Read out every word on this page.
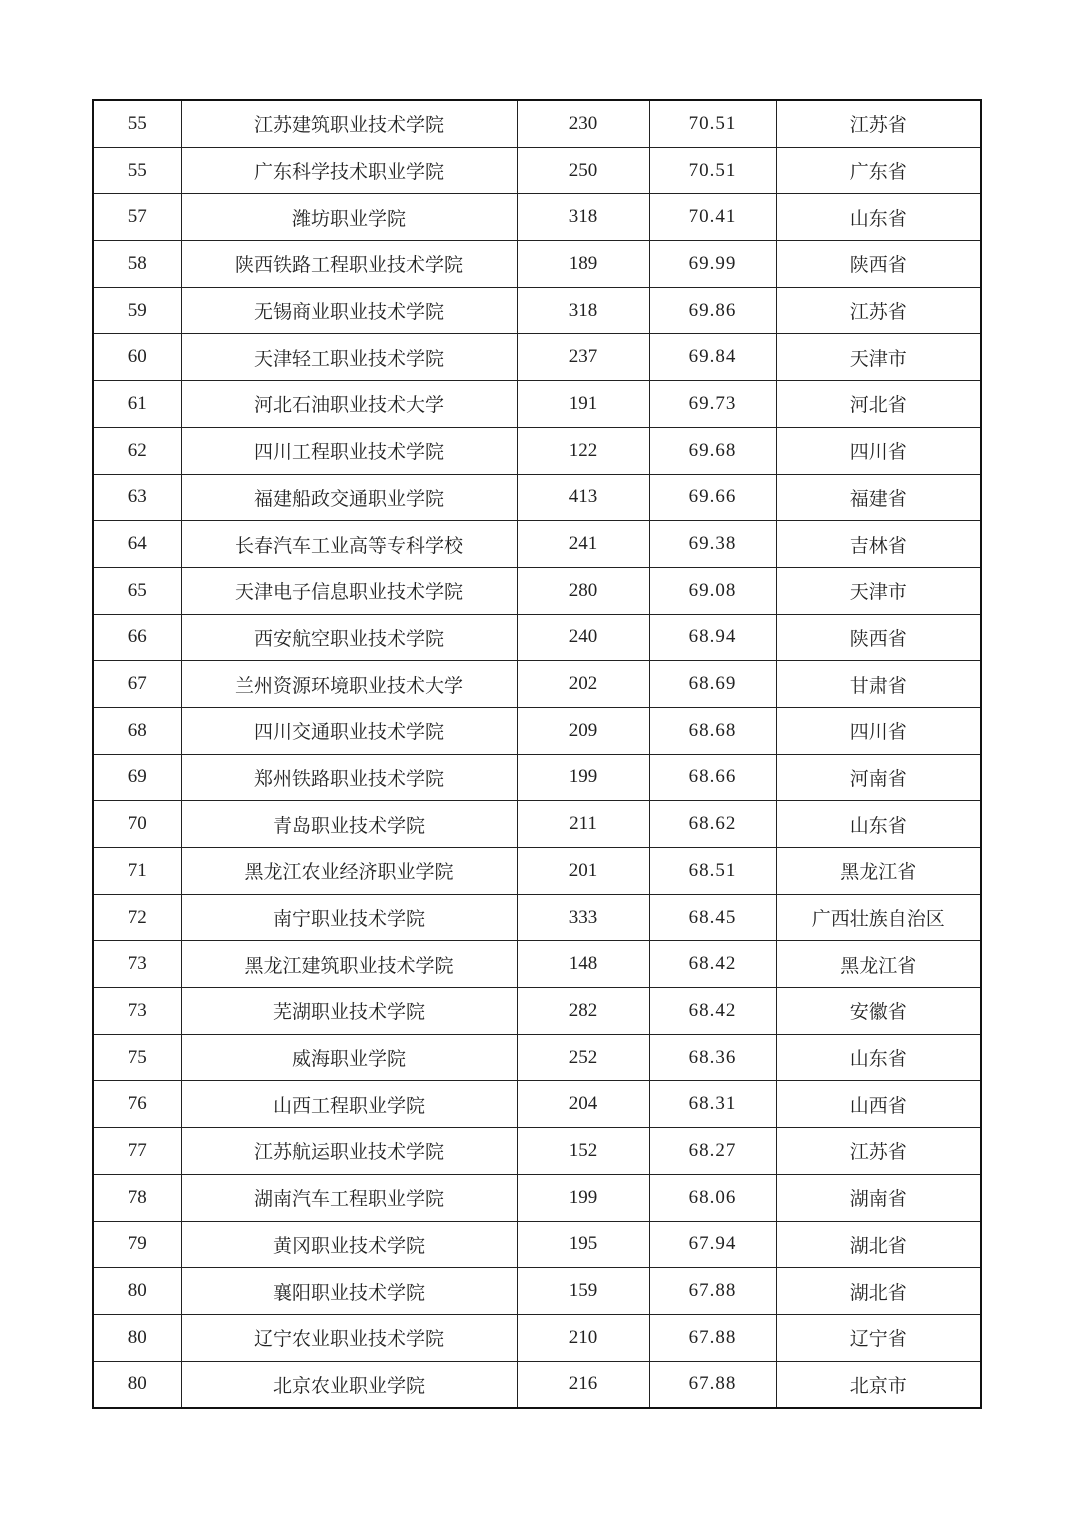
55	江苏建筑职业技术学院	230	70.51	江苏省
55	广东科学技术职业学院	250	70.51	广东省
57	潍坊职业学院	318	70.41	山东省
58	陕西铁路工程职业技术学院	189	69.99	陕西省
59	无锡商业职业技术学院	318	69.86	江苏省
60	天津轻工职业技术学院	237	69.84	天津市
61	河北石油职业技术大学	191	69.73	河北省
62	四川工程职业技术学院	122	69.68	四川省
63	福建船政交通职业学院	413	69.66	福建省
64	长春汽车工业高等专科学校	241	69.38	吉林省
65	天津电子信息职业技术学院	280	69.08	天津市
66	西安航空职业技术学院	240	68.94	陕西省
67	兰州资源环境职业技术大学	202	68.69	甘肃省
68	四川交通职业技术学院	209	68.68	四川省
69	郑州铁路职业技术学院	199	68.66	河南省
70	青岛职业技术学院	211	68.62	山东省
71	黑龙江农业经济职业学院	201	68.51	黑龙江省
72	南宁职业技术学院	333	68.45	广西壮族自治区
73	黑龙江建筑职业技术学院	148	68.42	黑龙江省
73	芜湖职业技术学院	282	68.42	安徽省
75	威海职业学院	252	68.36	山东省
76	山西工程职业学院	204	68.31	山西省
77	江苏航运职业技术学院	152	68.27	江苏省
78	湖南汽车工程职业学院	199	68.06	湖南省
79	黄冈职业技术学院	195	67.94	湖北省
80	襄阳职业技术学院	159	67.88	湖北省
80	辽宁农业职业技术学院	210	67.88	辽宁省
80	北京农业职业学院	216	67.88	北京市
